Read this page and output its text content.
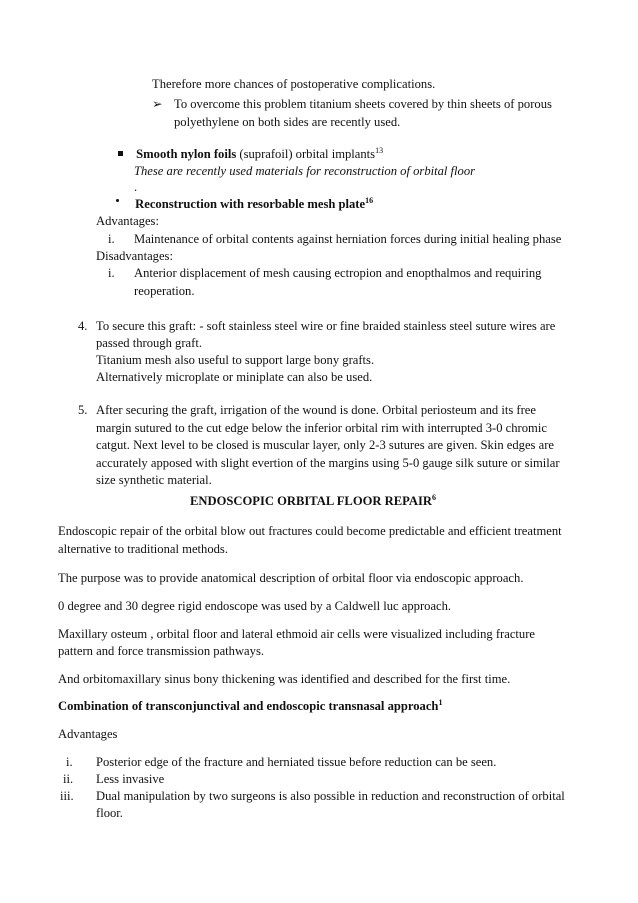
Therefore more chances of postoperative complications.
➢ To overcome this problem titanium sheets covered by thin sheets of porous
polyethylene on both sides are recently used.
Smooth nylon foils (suprafoil) orbital implants$^{13}$
These are recently used materials for reconstruction of orbital floor
.
Reconstruction with resorbable mesh plate$^{16}$
Advantages:
i. Maintenance of orbital contents against herniation forces during initial healing phase
Disadvantages:
i. Anterior displacement of mesh causing ectropion and enopthalmos and requiring
reoperation.
4. To secure this graft: - soft stainless steel wire or fine braided stainless steel suture wires are
passed through graft.
Titanium mesh also useful to support large bony grafts.
Alternatively microplate or miniplate can also be used.
5. After securing the graft, irrigation of the wound is done. Orbital periosteum and its free
margin sutured to the cut edge below the inferior orbital rim with interrupted 3-0 chromic
catgut. Next level to be closed is muscular layer, only 2-3 sutures are given. Skin edges are
accurately apposed with slight evertion of the margins using 5-0 gauge silk suture or similar
size synthetic material.
ENDOSCOPIC ORBITAL FLOOR REPAIR$^6$
Endoscopic repair of the orbital blow out fractures could become predictable and efficient treatment
alternative to traditional methods.
The purpose was to provide anatomical description of orbital floor via endoscopic approach.
0 degree and 30 degree rigid endoscope was used by a Caldwell luc approach.
Maxillary osteum , orbital floor and lateral ethmoid air cells were visualized including fracture
pattern and force transmission pathways.
And orbitomaxillary sinus bony thickening was identified and described for the first time.
Combination of transconjunctival and endoscopic transnasal approach$^1$
Advantages
i. Posterior edge of the fracture and herniated tissue before reduction can be seen.
ii. Less invasive
iii. Dual manipulation by two surgeons is also possible in reduction and reconstruction of orbital
floor.
